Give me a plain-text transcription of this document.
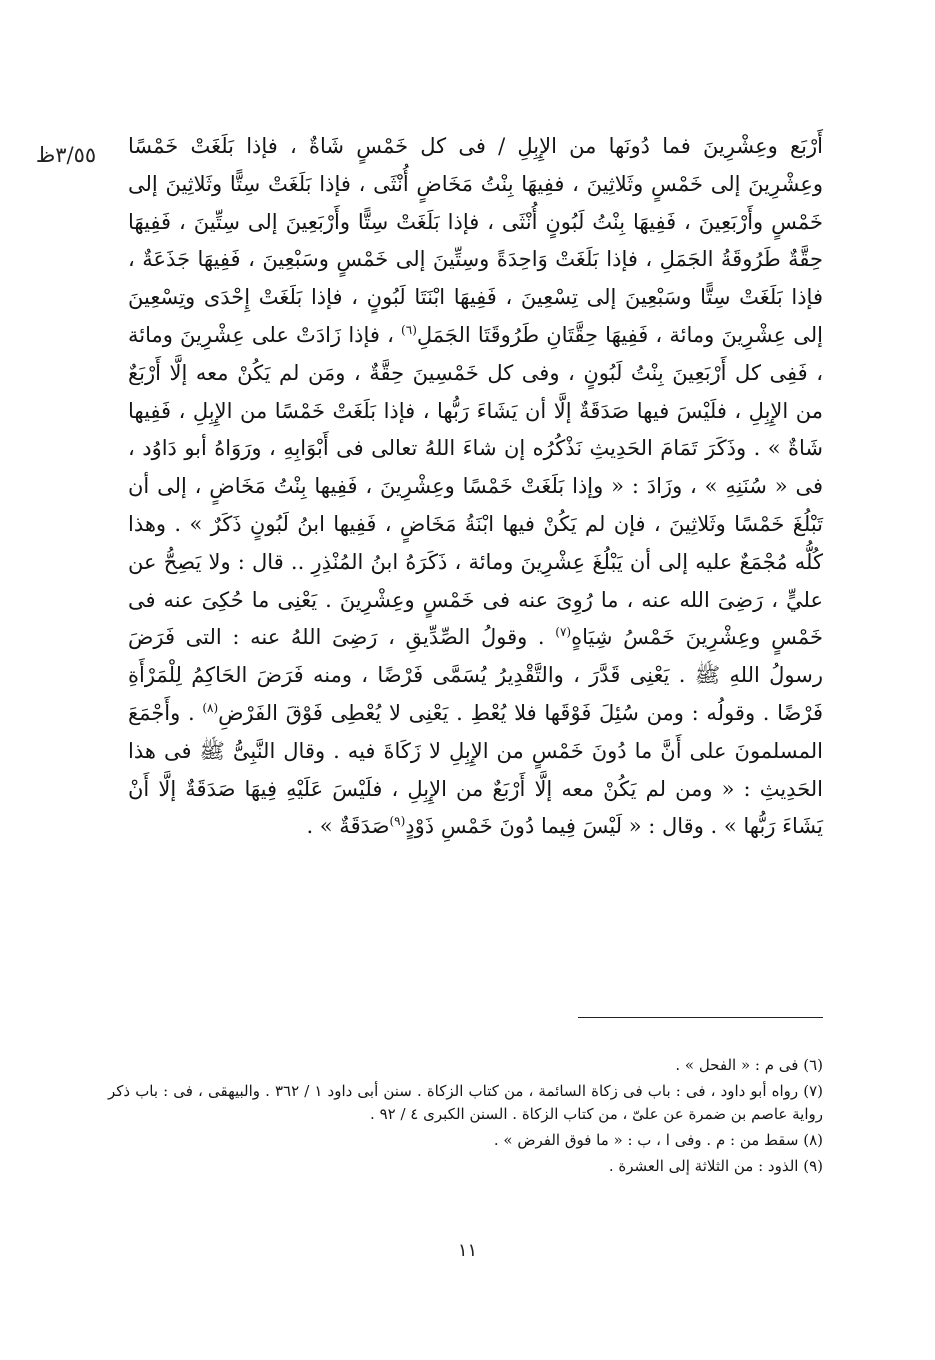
٣/٥٥ظ	أَرْبَع وعِشْرِينَ فما دُونَها من الإِبِلِ / فى كل خَمْسٍ شَاةٌ ، فإذا بَلَغَتْ خَمْسًا وعِشْرِينَ إلى خَمْسٍ وثَلاثِينَ ، ففِيهَا بِنْتُ مَخَاضٍ أُنْثَى ، فإذا بَلَغَتْ سِتًّا وثَلاثِينَ إلى خَمْسٍ وأَرْبَعِينَ ، فَفِيهَا بِنْتُ لَبُونٍ أُنْثَى ، فإذا بَلَغَتْ سِتًّا وأَرْبَعِينَ إلى سِتِّينَ ، فَفِيهَا حِقَّةٌ طَرُوقَةُ الجَمَلِ ، فإذا بَلَغَتْ وَاحِدَةً وسِتِّينَ إلى خَمْسٍ وسَبْعِينَ ، فَفِيهَا جَذَعَةٌ ، فإذا بَلَغَتْ سِتًّا وسَبْعِينَ إلى تِسْعِينَ ، فَفِيهَا ابْنَتَا لَبُونٍ ، فإذا بَلَغَتْ إِحْدَى وتِسْعِينَ إلى عِشْرِينَ ومائة ، فَفِيهَا حِقَّتَانِ طَرُوقَتَا الجَمَلِ$^{(٦)}$ ، فإذا زَادَتْ على عِشْرِينَ ومائة ، فَفِى كل أَرْبَعِينَ بِنْتُ لَبُونٍ ، وفى كل خَمْسِينَ حِقَّةٌ ، ومَن لم يَكُنْ معه إلَّا أَرْبَعٌ من الإِبِلِ ، فلَيْسَ فيها صَدَقَةٌ إلَّا أن يَشَاءَ رَبُّها ، فإذا بَلَغَتْ خَمْسًا من الإِبِلِ ، فَفِيها شَاةٌ » . وذَكَرَ تَمَامَ الحَدِيثِ نَذْكُرُه إن شاءَ اللهُ تعالى فى أَبْوَابِهِ ، ورَوَاهُ أبو دَاوُد ، فى « سُنَنِهِ » ، وزَادَ : « وإذا بَلَغَتْ خَمْسًا وعِشْرِينَ ، فَفِيها بِنْتُ مَخَاضٍ ، إلى أن تَبْلُغَ خَمْسًا وثَلاثِينَ ، فإن لم يَكُنْ فيها ابْنَةُ مَخَاضٍ ، فَفِيها ابنُ لَبُونٍ ذَكَرٌ » . وهذا كُلُّه مُجْمَعٌ عليه إلى أن يَبْلُغَ عِشْرِينَ ومائة ، ذَكَرَهُ ابنُ المُنْذِرِ .. قال : ولا يَصِحُّ عن عليٍّ ، رَضِىَ الله عنه ، ما رُوِىَ عنه فى خَمْسٍ وعِشْرِينَ . يَعْنِى ما حُكِىَ عنه فى خَمْسٍ وعِشْرِينَ خَمْسُ شِيَاهٍ$^{(٧)}$ . وقولُ الصِّدِّيقِ ، رَضِىَ اللهُ عنه : التى فَرَضَ رسولُ اللهِ ﷺ . يَعْنِى قَدَّرَ ، والتَّقْدِيرُ يُسَمَّى فَرْضًا ، ومنه فَرَضَ الحَاكِمُ لِلْمَرْأَةِ فَرْضًا . وقولُه : ومن سُئِلَ فَوْقَها فلا يُعْطِ . يَعْنِى لا يُعْطِى فَوْقَ الفَرْضِ$^{(٨)}$ . وأَجْمَعَ المسلمونَ على أَنَّ ما دُونَ خَمْسٍ من الإِبِلِ لا زَكَاةَ فيه . وقال النَّبِىُّ ﷺ فى هذا الحَدِيثِ : « ومن لم يَكُنْ معه إلَّا أَرْبَعٌ من الإِبِلِ ، فلَيْسَ عَلَيْهِ فِيهَا صَدَقَةٌ إلَّا أَنْ يَشَاءَ رَبُّها » . وقال : « لَيْسَ فِيما دُونَ خَمْسِ ذَوْدٍ$^{(٩)}$صَدَقَةٌ » .

(٦) فى م : « الفحل » .

(٧) رواه أبو داود ، فى : باب فى زكاة السائمة ، من كتاب الزكاة . سنن أبى داود ١ / ٣٦٢ . والبيهقى ، فى : باب ذكر رواية عاصم بن ضمرة عن علىّ ، من كتاب الزكاة . السنن الكبرى ٤ / ٩٢ .

(٨) سقط من : م . وفى ا ، ب : « ما فوق الفرض » .

(٩) الذود : من الثلاثة إلى العشرة .

١١
